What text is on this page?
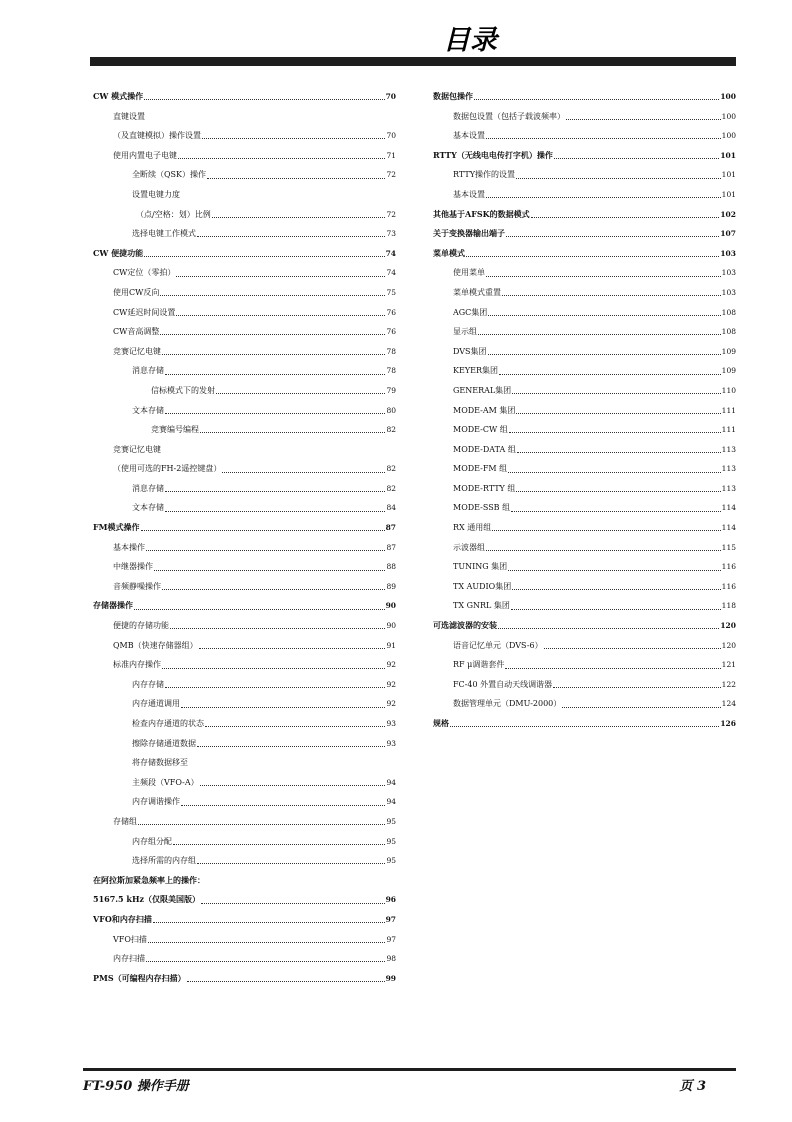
目录
CW 模式操作	70
直键设置
（及直键模拟）操作设置	70
使用内置电子电键	71
全断续（QSK）操作	72
设置电键力度
（点/空格：划）比例	72
选择电键工作模式	73
CW 便捷功能	74
CW定位（零拍）	74
使用CW反向	75
CW延迟时间设置	76
CW音高调整	76
竞赛记忆电键	78
消息存储	78
信标模式下的发射	79
文本存储	80
竞赛编号编程	82
竞赛记忆电键
（使用可选的FH-2遥控键盘）	82
消息存储	82
文本存储	84
FM模式操作	87
基本操作	87
中继器操作	88
音频静噪操作	89
存储器操作	90
便捷的存储功能	90
QMB（快速存储器组）	91
标准内存操作	92
内存存储	92
内存通道调用	92
检查内存通道的状态	93
擦除存储通道数据	93
将存储数据移至
主频段（VFO-A）	94
内存调谐操作	94
存储组	95
内存组分配	95
选择所需的内存组	95
在阿拉斯加紧急频率上的操作：
5167.5 kHz（仅限美国版）	96
VFO和内存扫描	97
VFO扫描	97
内存扫描	98
PMS（可编程内存扫描）	99
数据包操作	100
数据包设置（包括子载波频率）	100
基本设置	100
RTTY（无线电电传打字机）操作	101
RTTY操作的设置	101
基本设置	101
其他基于AFSK的数据模式	102
关于变换器输出端子	107
菜单模式	103
使用菜单	103
菜单模式重置	103
AGC集团	108
显示组	108
DVS集团	109
KEYER集团	109
GENERAL集团	110
MODE-AM 集团	111
MODE-CW 组	111
MODE-DATA 组	113
MODE-FM 组	113
MODE-RTTY 组	113
MODE-SSB 组	114
RX 通用组	114
示波器组	115
TUNING 集团	116
TX AUDIO集团	116
TX GNRL 集团	118
可选滤波器的安装	120
语音记忆单元（DVS-6）	120
RF μ调谐套件	121
FC-40 外置自动天线调谐器	122
数据管理单元（DMU-2000）	124
规格	126
FT-950 操作手册	页 3
